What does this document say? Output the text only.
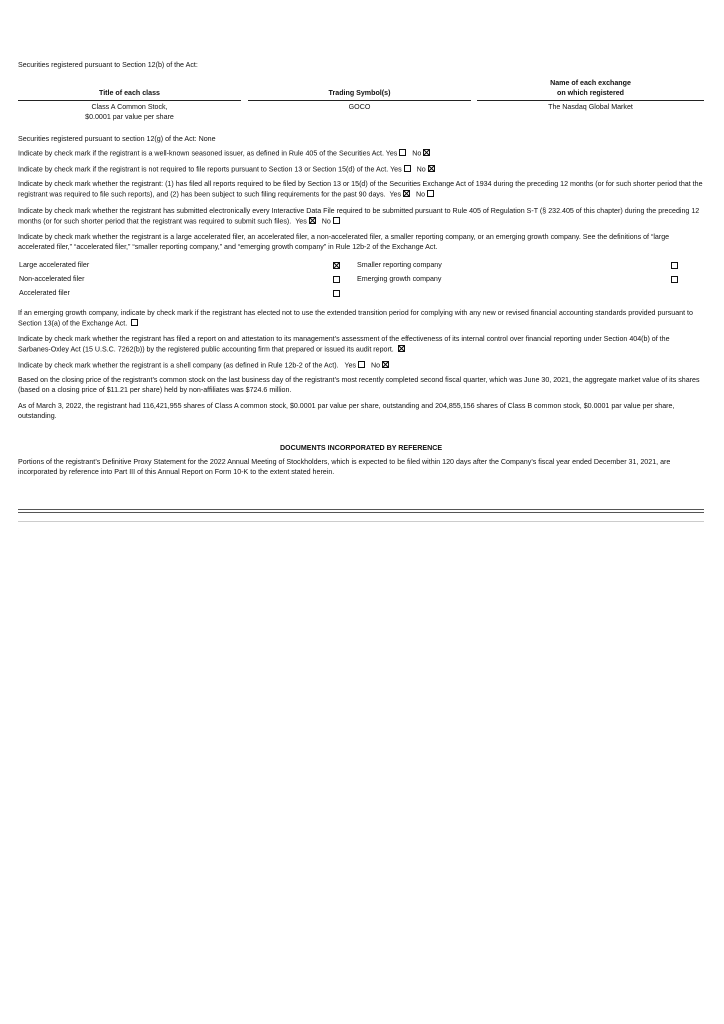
Securities registered pursuant to Section 12(b) of the Act:

Title of each class
Class A Common Stock,
$0.0001 par value per share
Trading Symbol(s)
GOCO
Name of each exchange
on which registered
The Nasdaq Global Market

Securities registered pursuant to section 12(g) of the Act: None

Indicate by check mark if the registrant is a well-known seasoned issuer, as defined in Rule 405 of the Securities Act. Yes No

Indicate by check mark if the registrant is not required to file reports pursuant to Section 13 or Section 15(d) of the Act. Yes No

Indicate by check mark whether the registrant: (1) has filed all reports required to be filed by Section 13 or 15(d) of the Securities Exchange Act of 1934 during the preceding 12 months (or for such shorter period that the registrant was required to file such reports), and (2) has been subject to such filing requirements for the past 90 days. Yes No

Indicate by check mark whether the registrant has submitted electronically every Interactive Data File required to be submitted pursuant to Rule 405 of Regulation S-T (§ 232.405 of this chapter) during the preceding 12 months (or for such shorter period that the registrant was required to submit such files). Yes No

Indicate by check mark whether the registrant is a large accelerated filer, an accelerated filer, a non-accelerated filer, a smaller reporting company, or an emerging growth company. See the definitions of “large accelerated filer,” “accelerated filer,” “smaller reporting company,” and “emerging growth company” in Rule 12b-2 of the Exchange Act.

Large accelerated filer	Smaller reporting company
Non-accelerated filer	Emerging growth company
Accelerated filer

If an emerging growth company, indicate by check mark if the registrant has elected not to use the extended transition period for complying with any new or revised financial accounting standards provided pursuant to Section 13(a) of the Exchange Act.

Indicate by check mark whether the registrant has filed a report on and attestation to its management’s assessment of the effectiveness of its internal control over financial reporting under Section 404(b) of the Sarbanes-Oxley Act (15 U.S.C. 7262(b)) by the registered public accounting firm that prepared or issued its audit report.

Indicate by check mark whether the registrant is a shell company (as defined in Rule 12b-2 of the Act). Yes No

Based on the closing price of the registrant’s common stock on the last business day of the registrant’s most recently completed second fiscal quarter, which was June 30, 2021, the aggregate market value of its shares (based on a closing price of $11.21 per share) held by non-affiliates was $724.6 million.

As of March 3, 2022, the registrant had 116,421,955 shares of Class A common stock, $0.0001 par value per share, outstanding and 204,855,156 shares of Class B common stock, $0.0001 par value per share, outstanding.

DOCUMENTS INCORPORATED BY REFERENCE

Portions of the registrant’s Definitive Proxy Statement for the 2022 Annual Meeting of Stockholders, which is expected to be filed within 120 days after the Company’s fiscal year ended December 31, 2021, are incorporated by reference into Part III of this Annual Report on Form 10-K to the extent stated herein.
